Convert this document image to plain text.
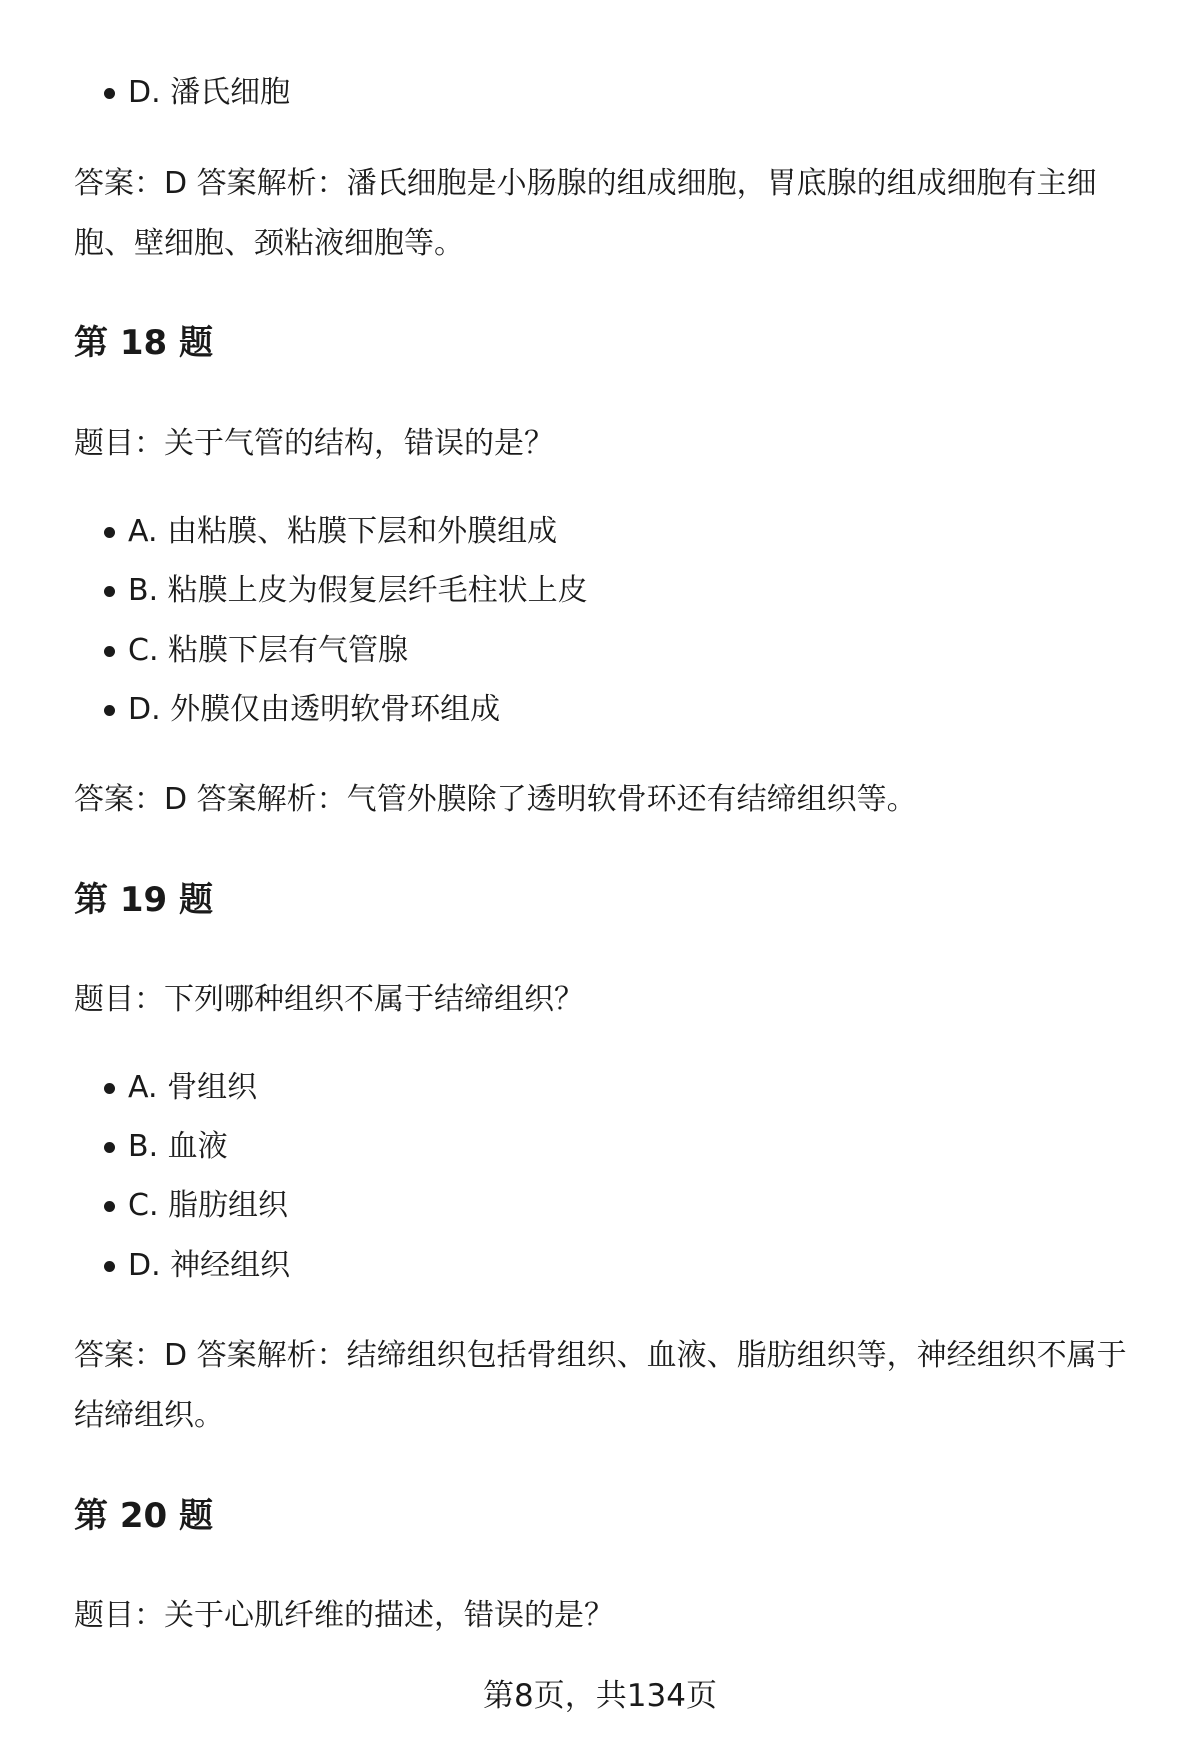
D. 潘氏细胞
答案：D 答案解析：潘氏细胞是小肠腺的组成细胞，胃底腺的组成细胞有主细胞、壁细胞、颈粘液细胞等。
第 18 题
题目：关于气管的结构，错误的是？
A. 由粘膜、粘膜下层和外膜组成
B. 粘膜上皮为假复层纤毛柱状上皮
C. 粘膜下层有气管腺
D. 外膜仅由透明软骨环组成
答案：D 答案解析：气管外膜除了透明软骨环还有结缔组织等。
第 19 题
题目：下列哪种组织不属于结缔组织？
A. 骨组织
B. 血液
C. 脂肪组织
D. 神经组织
答案：D 答案解析：结缔组织包括骨组织、血液、脂肪组织等，神经组织不属于结缔组织。
第 20 题
题目：关于心肌纤维的描述，错误的是？
第8页，共134页
